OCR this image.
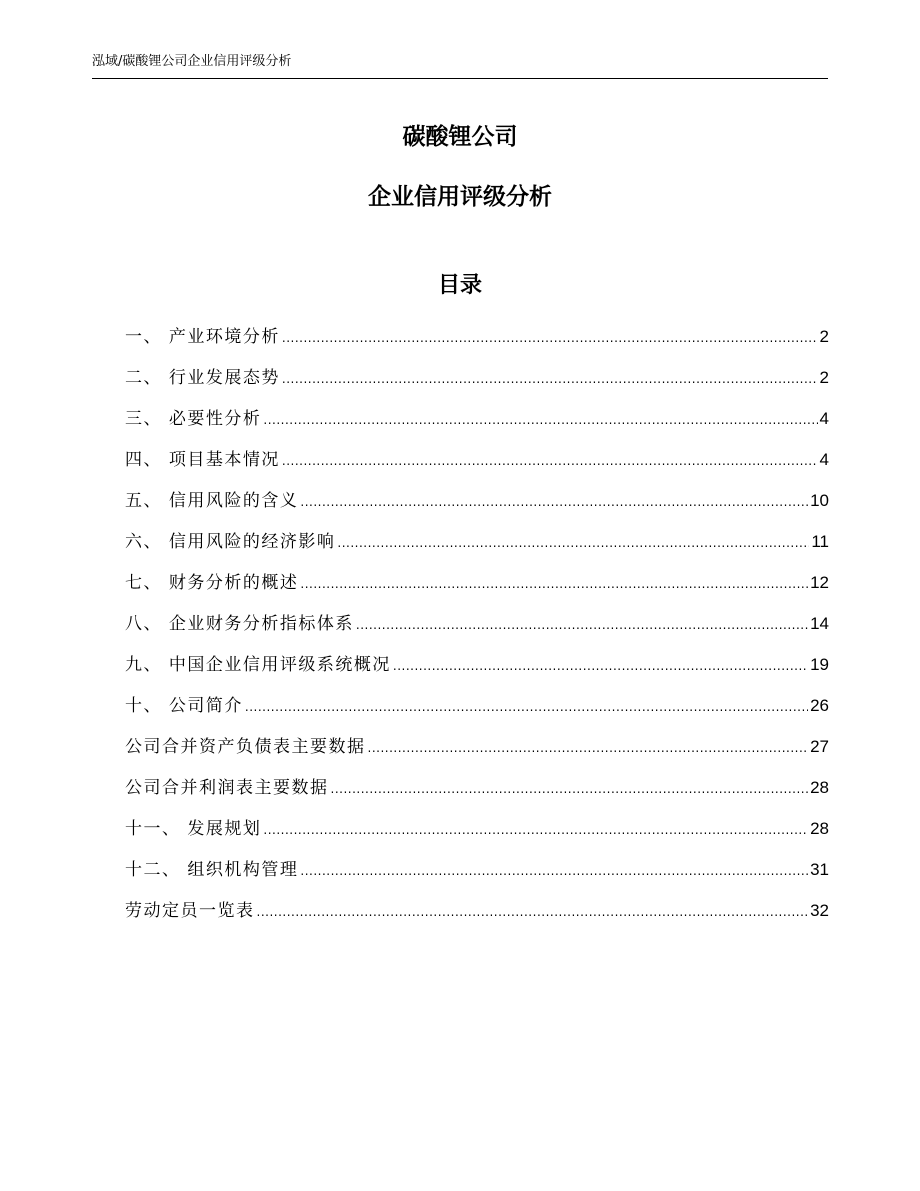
泓域/碳酸锂公司企业信用评级分析
碳酸锂公司
企业信用评级分析
目录
一、 产业环境分析 .....	2
二、 行业发展态势 .....	2
三、 必要性分析 .....	4
四、 项目基本情况 .....	4
五、 信用风险的含义 .....	10
六、 信用风险的经济影响 .....	11
七、 财务分析的概述 .....	12
八、 企业财务分析指标体系 .....	14
九、 中国企业信用评级系统概况 .....	19
十、 公司简介 .....	26
公司合并资产负债表主要数据 .....	27
公司合并利润表主要数据 .....	28
十一、 发展规划 .....	28
十二、 组织机构管理 .....	31
劳动定员一览表 .....	32
